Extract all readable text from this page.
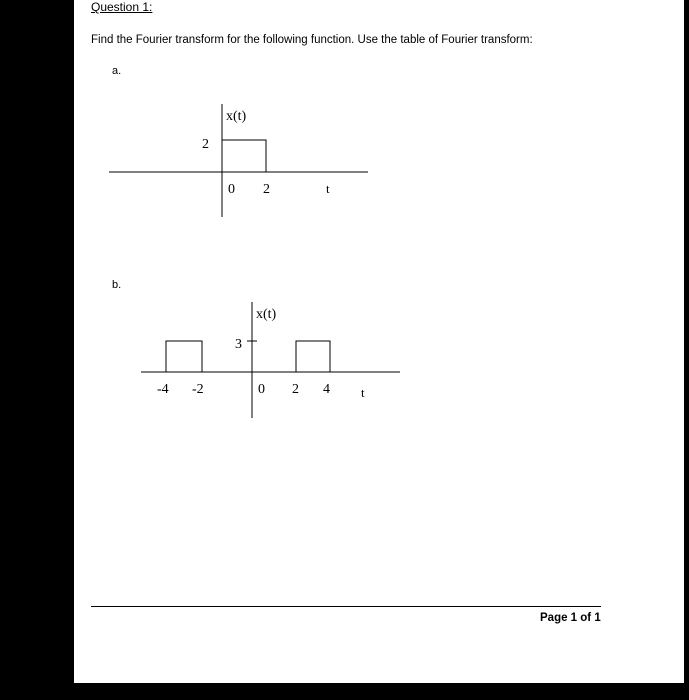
Question 1:
Find the Fourier transform for the following function. Use the table of Fourier transform:
a.
x(t)
2
0 2	t
b.
x(t)
3
-4 -2	0 2 4 t
Page 1 of 1
